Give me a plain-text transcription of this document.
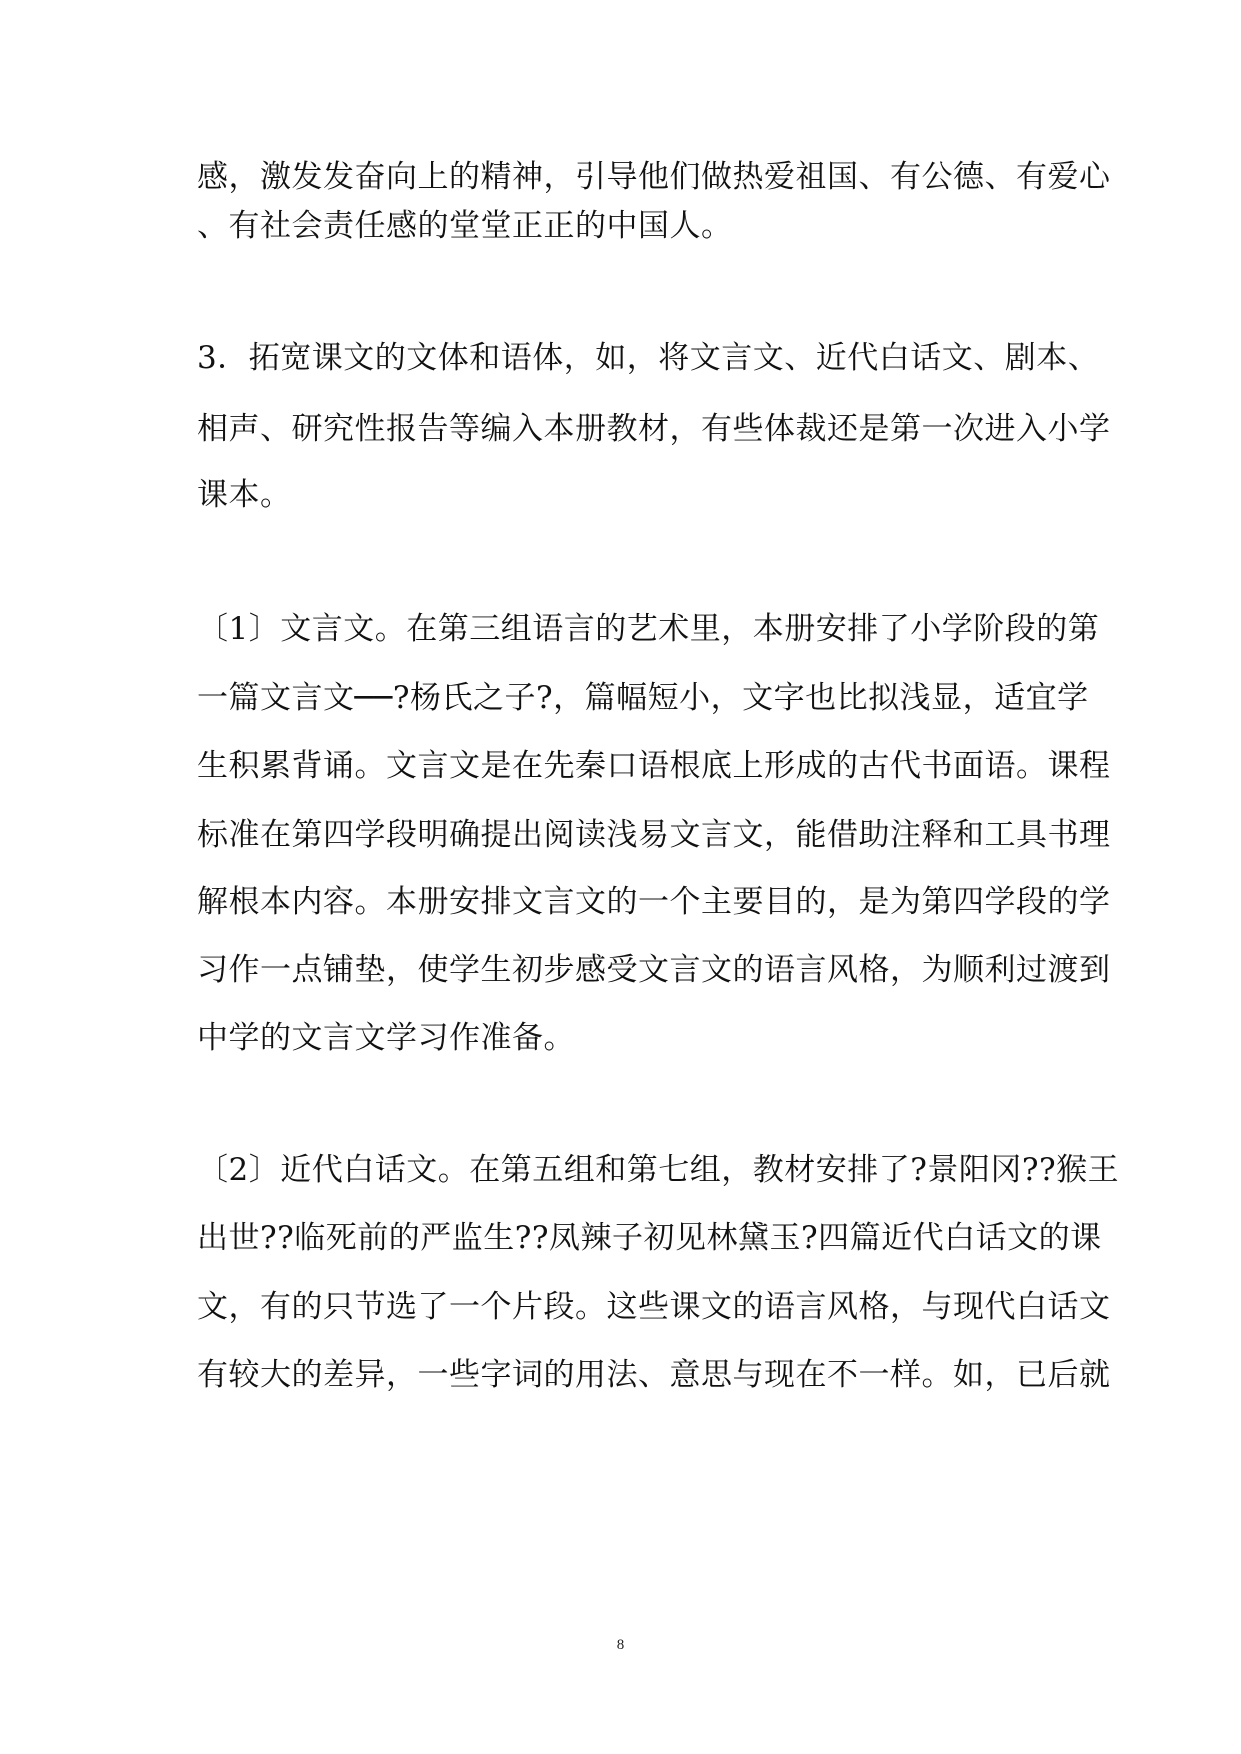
感，激发发奋向上的精神，引导他们做热爱祖国、有公德、有爱心
、有社会责任感的堂堂正正的中国人。
3．拓宽课文的文体和语体，如，将文言文、近代白话文、剧本、
相声、研究性报告等编入本册教材，有些体裁还是第一次进入小学
课本。
〔1〕文言文。在第三组语言的艺术里，本册安排了小学阶段的第
一篇文言文──?杨氏之子?，篇幅短小，文字也比拟浅显，适宜学
生积累背诵。文言文是在先秦口语根底上形成的古代书面语。课程
标准在第四学段明确提出阅读浅易文言文，能借助注释和工具书理
解根本内容。本册安排文言文的一个主要目的，是为第四学段的学
习作一点铺垫，使学生初步感受文言文的语言风格，为顺利过渡到
中学的文言文学习作准备。
〔2〕近代白话文。在第五组和第七组，教材安排了?景阳冈??猴王
出世??临死前的严监生??凤辣子初见林黛玉?四篇近代白话文的课
文，有的只节选了一个片段。这些课文的语言风格，与现代白话文
有较大的差异，一些字词的用法、意思与现在不一样。如，已后就
8
